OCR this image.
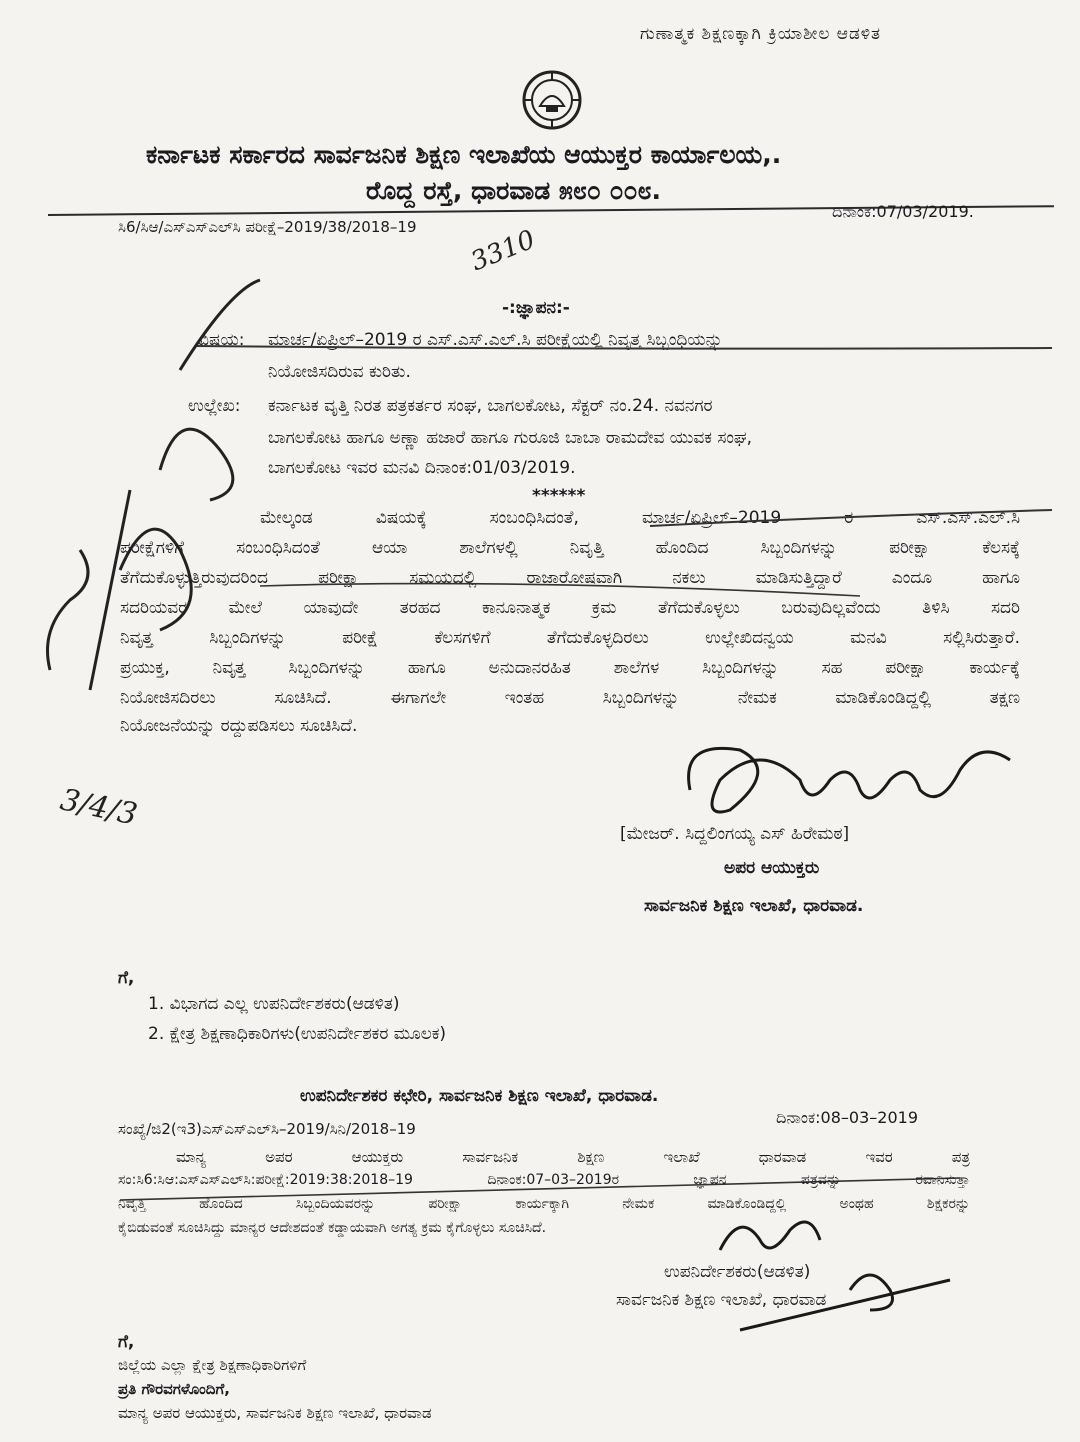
ಗುಣಾತ್ಮಕ ಶಿಕ್ಷಣಕ್ಕಾಗಿ ಕ್ರಿಯಾಶೀಲ ಆಡಳಿತ
ಕರ್ನಾಟಕ ಸರ್ಕಾರದ ಸಾರ್ವಜನಿಕ ಶಿಕ್ಷಣ ಇಲಾಖೆಯ ಆಯುಕ್ತರ ಕಾರ್ಯಾಲಯ,.
ರೊದ್ದ ರಸ್ತೆ, ಧಾರವಾಡ ೫೮೦ ೦೦೮.
ಸಿ6/ಸಿಆ/ಎಸ್ಎಸ್ಎಲ್‌ಸಿ ಪರೀಕ್ಷೆ–2019/38/2018–19
ದಿನಾಂಕ:07/03/2019.
3310
-:ಜ್ಞಾಪನ:-
ವಿಷಯ: ಮಾರ್ಚ/ಏಪ್ರಿಲ್–2019 ರ ಎಸ್.ಎಸ್.ಎಲ್.ಸಿ ಪರೀಕ್ಷೆಯಲ್ಲಿ ನಿವೃತ್ತ ಸಿಬ್ಬಂಧಿಯನ್ನು
ನಿಯೋಜಿಸದಿರುವ ಕುರಿತು.
ಉಲ್ಲೇಖ: ಕರ್ನಾಟಕ ವೃತ್ತಿ ನಿರತ ಪತ್ರಕರ್ತರ ಸಂಘ, ಬಾಗಲಕೋಟ, ಸೆಕ್ಟರ್ ನಂ.24. ನವನಗರ
ಬಾಗಲಕೋಟ ಹಾಗೂ ಅಣ್ಣಾ ಹಜಾರೆ ಹಾಗೂ ಗುರೂಜಿ ಬಾಬಾ ರಾಮದೇವ ಯುವಕ ಸಂಘ,
ಬಾಗಲಕೋಟ ಇವರ ಮನವಿ ದಿನಾಂಕ:01/03/2019.
******
ಮೇಲ್ಕಂಡ ವಿಷಯಕ್ಕೆ ಸಂಬಂಧಿಸಿದಂತೆ, ಮಾರ್ಚ/ಏಪ್ರಿಲ್–2019 ರ ಎಸ್.ಎಸ್.ಎಲ್.ಸಿ
ಪರೀಕ್ಷೆಗಳಿಗೆ ಸಂಬಂಧಿಸಿದಂತೆ ಆಯಾ ಶಾಲೆಗಳಲ್ಲಿ ನಿವೃತ್ತಿ ಹೊಂದಿದ ಸಿಬ್ಬಂದಿಗಳನ್ನು ಪರೀಕ್ಷಾ ಕೆಲಸಕ್ಕೆ
ತೆಗೆದುಕೊಳ್ಳುತ್ತಿರುವುದರಿಂದ ಪರೀಕ್ಷಾ ಸಮಯದಲ್ಲಿ ರಾಜಾರೋಷವಾಗಿ ನಕಲು ಮಾಡಿಸುತ್ತಿದ್ದಾರೆ ಎಂದೂ ಹಾಗೂ
ಸದರಿಯವರ ಮೇಲೆ ಯಾವುದೇ ತರಹದ ಕಾನೂನಾತ್ಮಕ ಕ್ರಮ ತೆಗೆದುಕೊಳ್ಳಲು ಬರುವುದಿಲ್ಲವೆಂದು ತಿಳಿಸಿ ಸದರಿ
ನಿವೃತ್ತ ಸಿಬ್ಬಂದಿಗಳನ್ನು ಪರೀಕ್ಷೆ ಕೆಲಸಗಳಿಗೆ ತೆಗೆದುಕೊಳ್ಳದಿರಲು ಉಲ್ಲೇಖಿದನ್ವಯ ಮನವಿ ಸಲ್ಲಿಸಿರುತ್ತಾರೆ.
ಪ್ರಯುಕ್ತ, ನಿವೃತ್ತ ಸಿಬ್ಬಂದಿಗಳನ್ನು ಹಾಗೂ ಅನುದಾನರಹಿತ ಶಾಲೆಗಳ ಸಿಬ್ಬಂದಿಗಳನ್ನು ಸಹ ಪರೀಕ್ಷಾ ಕಾರ್ಯಕ್ಕೆ
ನಿಯೋಜಿಸದಿರಲು ಸೂಚಿಸಿದೆ. ಈಗಾಗಲೇ ಇಂತಹ ಸಿಬ್ಬಂದಿಗಳನ್ನು ನೇಮಕ ಮಾಡಿಕೊಂಡಿದ್ದಲ್ಲಿ ತಕ್ಷಣ
ನಿಯೋಜನೆಯನ್ನು ರದ್ದುಪಡಿಸಲು ಸೂಚಿಸಿದೆ.
3/4/3
[ಮೇಜರ್. ಸಿದ್ದಲಿಂಗಯ್ಯ ಎಸ್ ಹಿರೇಮಠ]
ಅಪರ ಆಯುಕ್ತರು
ಸಾರ್ವಜನಿಕ ಶಿಕ್ಷಣ ಇಲಾಖೆ, ಧಾರವಾಡ.
ಗೆ,
1. ವಿಭಾಗದ ಎಲ್ಲ ಉಪನಿರ್ದೇಶಕರು(ಆಡಳಿತ)
2. ಕ್ಷೇತ್ರ ಶಿಕ್ಷಣಾಧಿಕಾರಿಗಳು(ಉಪನಿರ್ದೇಶಕರ ಮೂಲಕ)
ಉಪನಿರ್ದೇಶಕರ ಕಛೇರಿ, ಸಾರ್ವಜನಿಕ ಶಿಕ್ಷಣ ಇಲಾಖೆ, ಧಾರವಾಡ.
ಸಂಖ್ಯೆ/ಜಿ2(ಇ3)ಎಸ್‌ಎಸ್‌ಎಲ್‌ಸಿ–2019/ಸಿನಿ/2018–19
ದಿನಾಂಕ:08–03–2019
ಮಾನ್ಯ ಅಪರ ಆಯುಕ್ತರು ಸಾರ್ವಜನಿಕ ಶಿಕ್ಷಣ ಇಲಾಖೆ ಧಾರವಾಡ ಇವರ ಪತ್ರ
ಸಂ:ಸಿ6:ಸಿಆ:ಎಸ್‌ಎಸ್‌ಎಲ್‌ಸಿ:ಪರೀಕ್ಷೆ:2019:38:2018–19 ದಿನಾಂಕ:07–03–2019ರ ಜ್ಞಾಪನ ಪತ್ರವನ್ನು ರವಾನಿಸುತ್ತಾ
ನಿವೃತ್ತಿ ಹೊಂದಿದ ಸಿಬ್ಬಂದಿಯವರನ್ನು ಪರೀಕ್ಷಾ ಕಾರ್ಯಕ್ಕಾಗಿ ನೇಮಕ ಮಾಡಿಕೊಂಡಿದ್ದಲ್ಲಿ ಅಂಥಹ ಶಿಕ್ಷಕರನ್ನು
ಕೈಬಿಡುವಂತೆ ಸೂಚಿಸಿದ್ದು ಮಾನ್ಯರ ಆದೇಶದಂತೆ ಕಡ್ಡಾಯವಾಗಿ ಅಗತ್ಯ ಕ್ರಮ ಕೈಗೊಳ್ಳಲು ಸೂಚಿಸಿದೆ.
ಉಪನಿರ್ದೇಶಕರು(ಆಡಳಿತ)
ಸಾರ್ವಜನಿಕ ಶಿಕ್ಷಣ ಇಲಾಖೆ, ಧಾರವಾಡ
ಗೆ,
ಜಿಲ್ಲೆಯ ಎಲ್ಲಾ ಕ್ಷೇತ್ರ ಶಿಕ್ಷಣಾಧಿಕಾರಿಗಳಿಗೆ
ಪ್ರತಿ ಗೌರವಗಳೊಂದಿಗೆ,
ಮಾನ್ಯ ಅಪರ ಆಯುಕ್ತರು, ಸಾರ್ವಜನಿಕ ಶಿಕ್ಷಣ ಇಲಾಖೆ, ಧಾರವಾಡ
